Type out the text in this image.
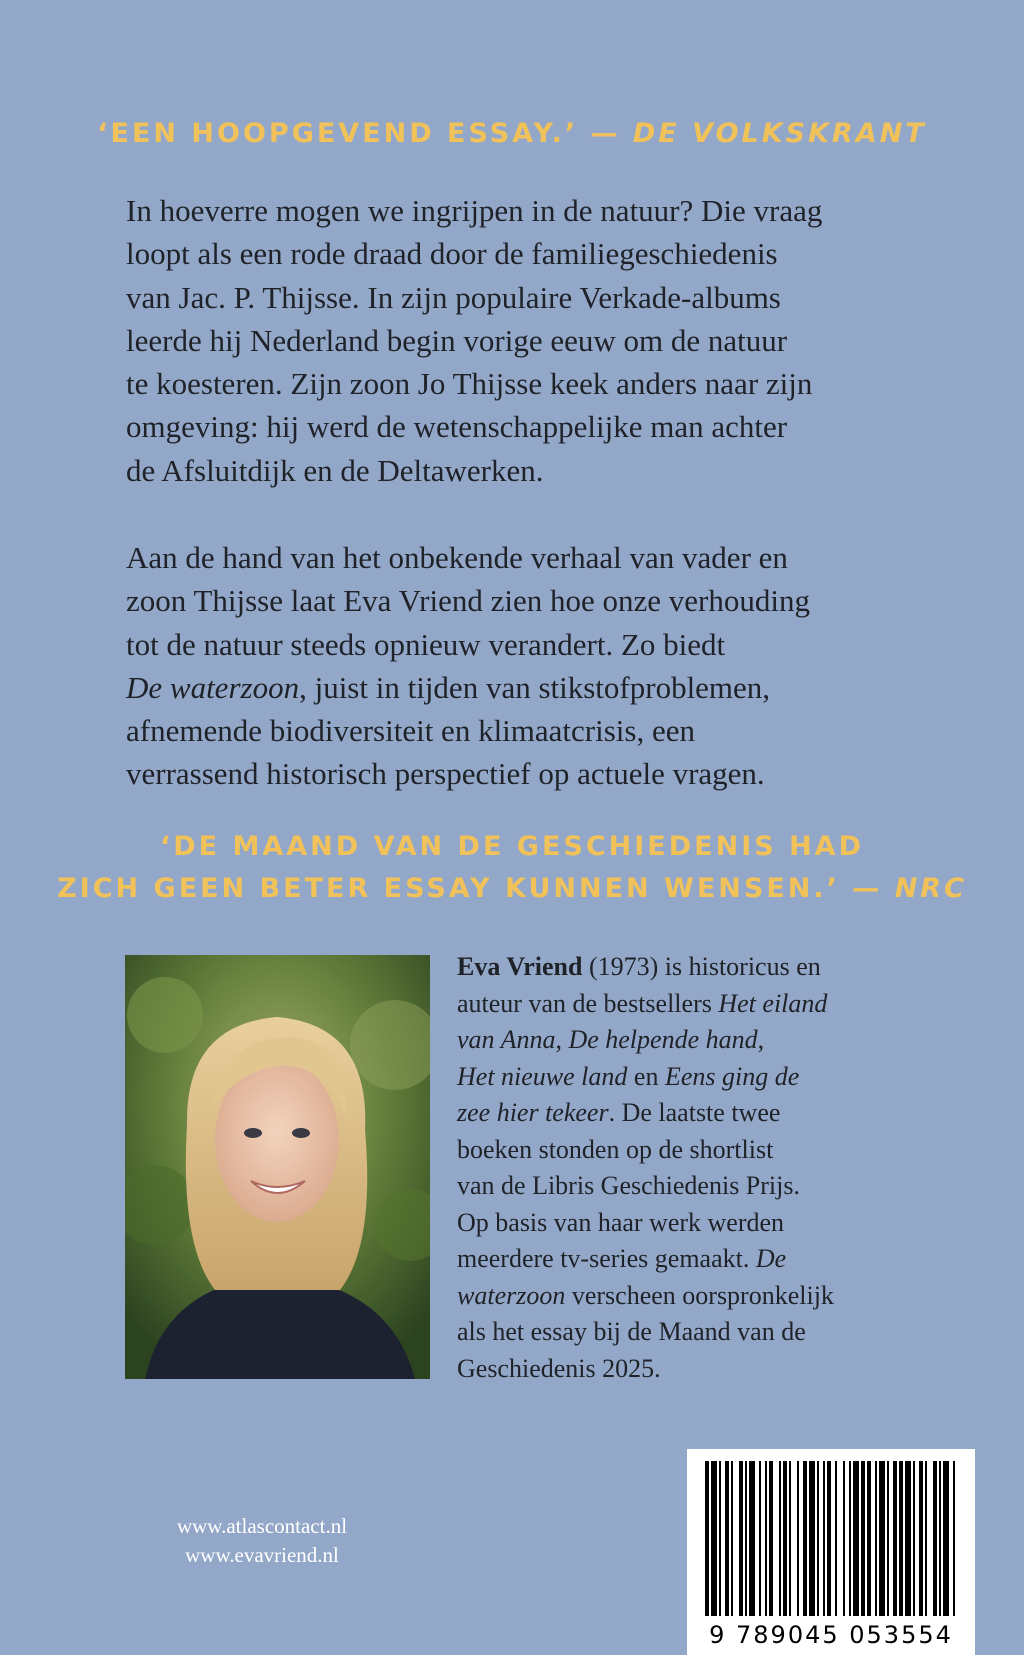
‘EEN HOOPGEVEND ESSAY.’ — DE VOLKSKRANT

In hoeverre mogen we ingrijpen in de natuur? Die vraag
loopt als een rode draad door de familiegeschiedenis
van Jac. P. Thijsse. In zijn populaire Verkade-albums
leerde hij Nederland begin vorige eeuw om de natuur
te koesteren. Zijn zoon Jo Thijsse keek anders naar zijn
omgeving: hij werd de wetenschappelijke man achter
de Afsluitdijk en de Deltawerken.

Aan de hand van het onbekende verhaal van vader en
zoon Thijsse laat Eva Vriend zien hoe onze verhouding
tot de natuur steeds opnieuw verandert. Zo biedt
De waterzoon, juist in tijden van stikstofproblemen,
afnemende biodiversiteit en klimaatcrisis, een
verrassend historisch perspectief op actuele vragen.

‘DE MAAND VAN DE GESCHIEDENIS HAD
ZICH GEEN BETER ESSAY KUNNEN WENSEN.’ — NRC
Eva Vriend (1973) is historicus en
auteur van de bestsellers Het eiland
van Anna, De helpende hand,
Het nieuwe land en Eens ging de
zee hier tekeer. De laatste twee
boeken stonden op de shortlist
van de Libris Geschiedenis Prijs.
Op basis van haar werk werden
meerdere tv-series gemaakt. De
waterzoon verscheen oorspronkelijk
als het essay bij de Maand van de
Geschiedenis 2025.
www.atlascontact.nl
www.evavriend.nl
9 789045 053554
